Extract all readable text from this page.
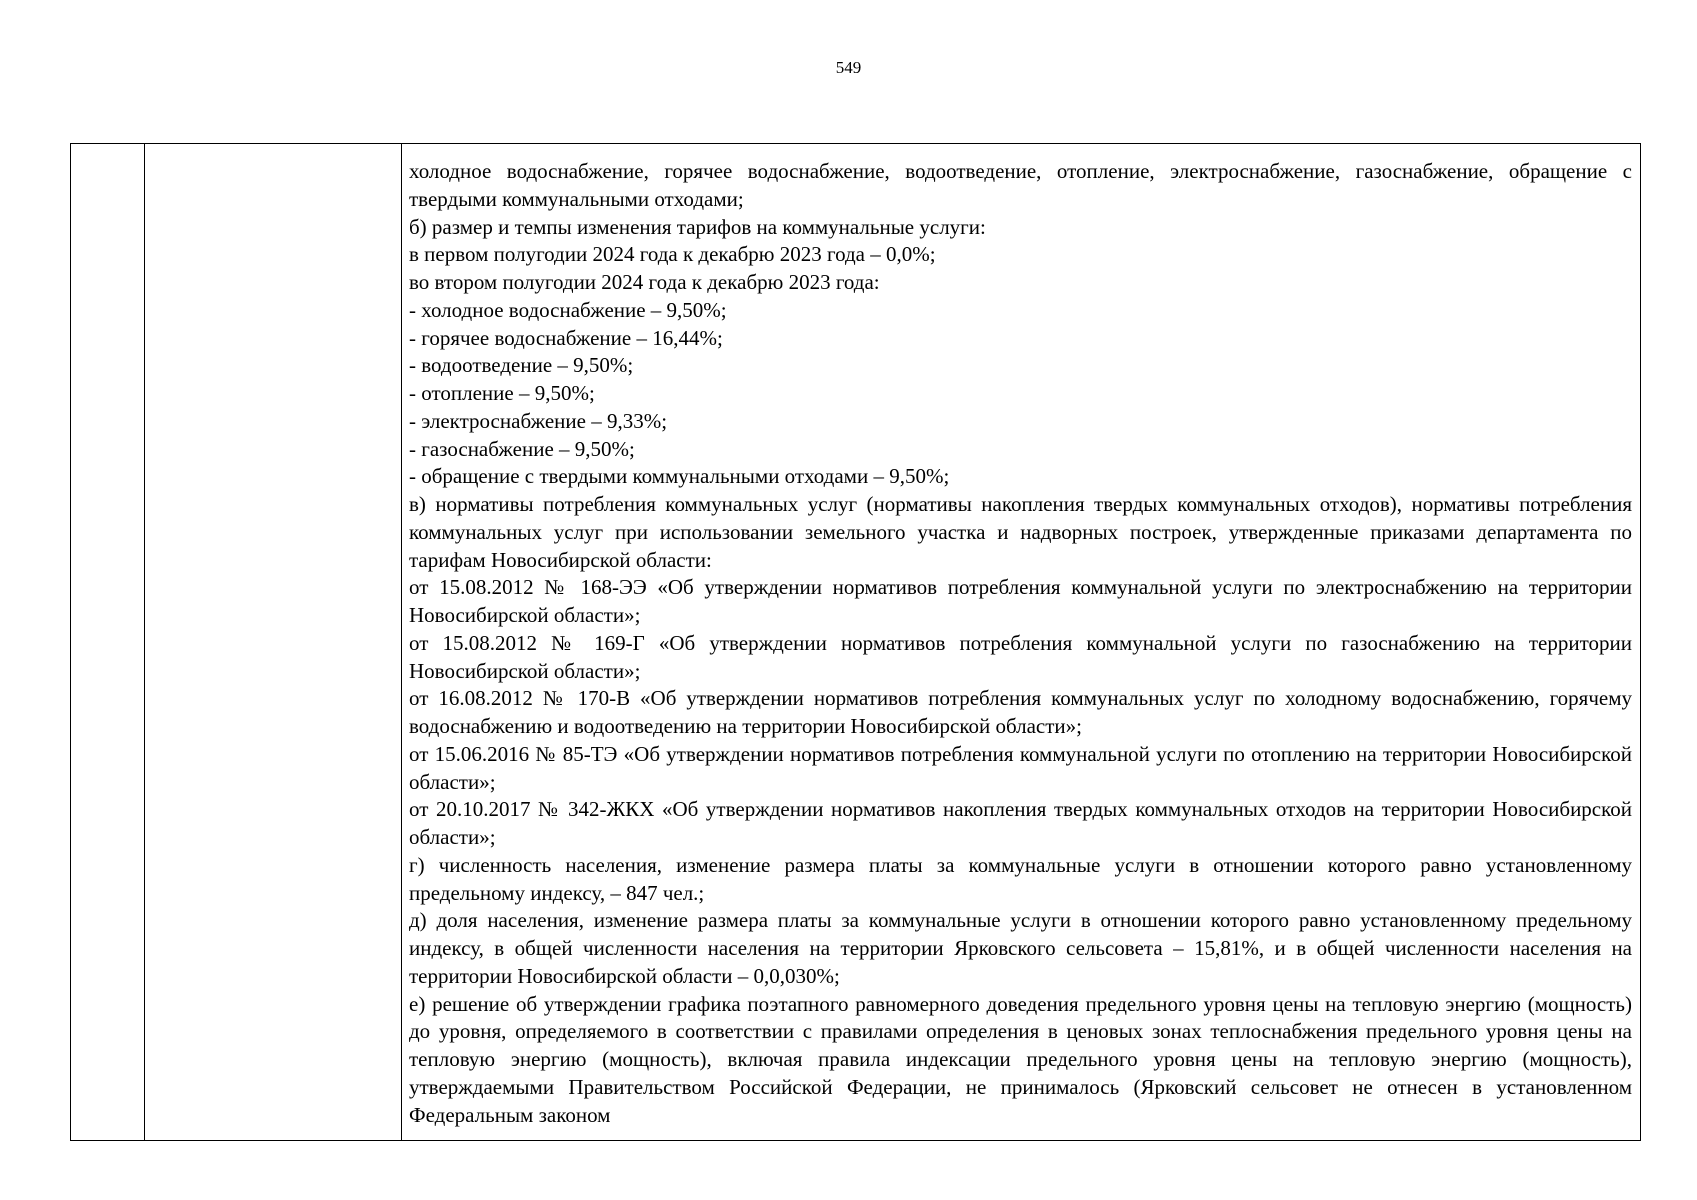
549

холодное водоснабжение, горячее водоснабжение, водоотведение, отопление, электроснабжение, газоснабжение, обращение с твердыми коммунальными отходами;

б) размер и темпы изменения тарифов на коммунальные услуги:

в первом полугодии 2024 года к декабрю 2023 года – 0,0%;

во втором полугодии 2024 года к декабрю 2023 года:

- холодное водоснабжение – 9,50%;

- горячее водоснабжение – 16,44%;

- водоотведение – 9,50%;

- отопление – 9,50%;

- электроснабжение – 9,33%;

- газоснабжение – 9,50%;

- обращение с твердыми коммунальными отходами – 9,50%;

в) нормативы потребления коммунальных услуг (нормативы накопления твердых коммунальных отходов), нормативы потребления коммунальных услуг при использовании земельного участка и надворных построек, утвержденные приказами департамента по тарифам Новосибирской области:

от 15.08.2012 № 168-ЭЭ «Об утверждении нормативов потребления коммунальной услуги по электроснабжению на территории Новосибирской области»;

от 15.08.2012 № 169-Г «Об утверждении нормативов потребления коммунальной услуги по газоснабжению на территории Новосибирской области»;

от 16.08.2012 № 170-В «Об утверждении нормативов потребления коммунальных услуг по холодному водоснабжению, горячему водоснабжению и водоотведению на территории Новосибирской области»;

от 15.06.2016 № 85-ТЭ «Об утверждении нормативов потребления коммунальной услуги по отоплению на территории Новосибирской области»;

от 20.10.2017 № 342-ЖКХ «Об утверждении нормативов накопления твердых коммунальных отходов на территории Новосибирской области»;

г) численность населения, изменение размера платы за коммунальные услуги в отношении которого равно установленному предельному индексу, – 847 чел.;

д) доля населения, изменение размера платы за коммунальные услуги в отношении которого равно установленному предельному индексу, в общей численности населения на территории Ярковского сельсовета – 15,81%, и в общей численности населения на территории Новосибирской области – 0,0,030%;

е) решение об утверждении графика поэтапного равномерного доведения предельного уровня цены на тепловую энергию (мощность) до уровня, определяемого в соответствии с правилами определения в ценовых зонах теплоснабжения предельного уровня цены на тепловую энергию (мощность), включая правила индексации предельного уровня цены на тепловую энергию (мощность), утверждаемыми Правительством Российской Федерации, не принималось (Ярковский сельсовет не отнесен в установленном Федеральным законом
